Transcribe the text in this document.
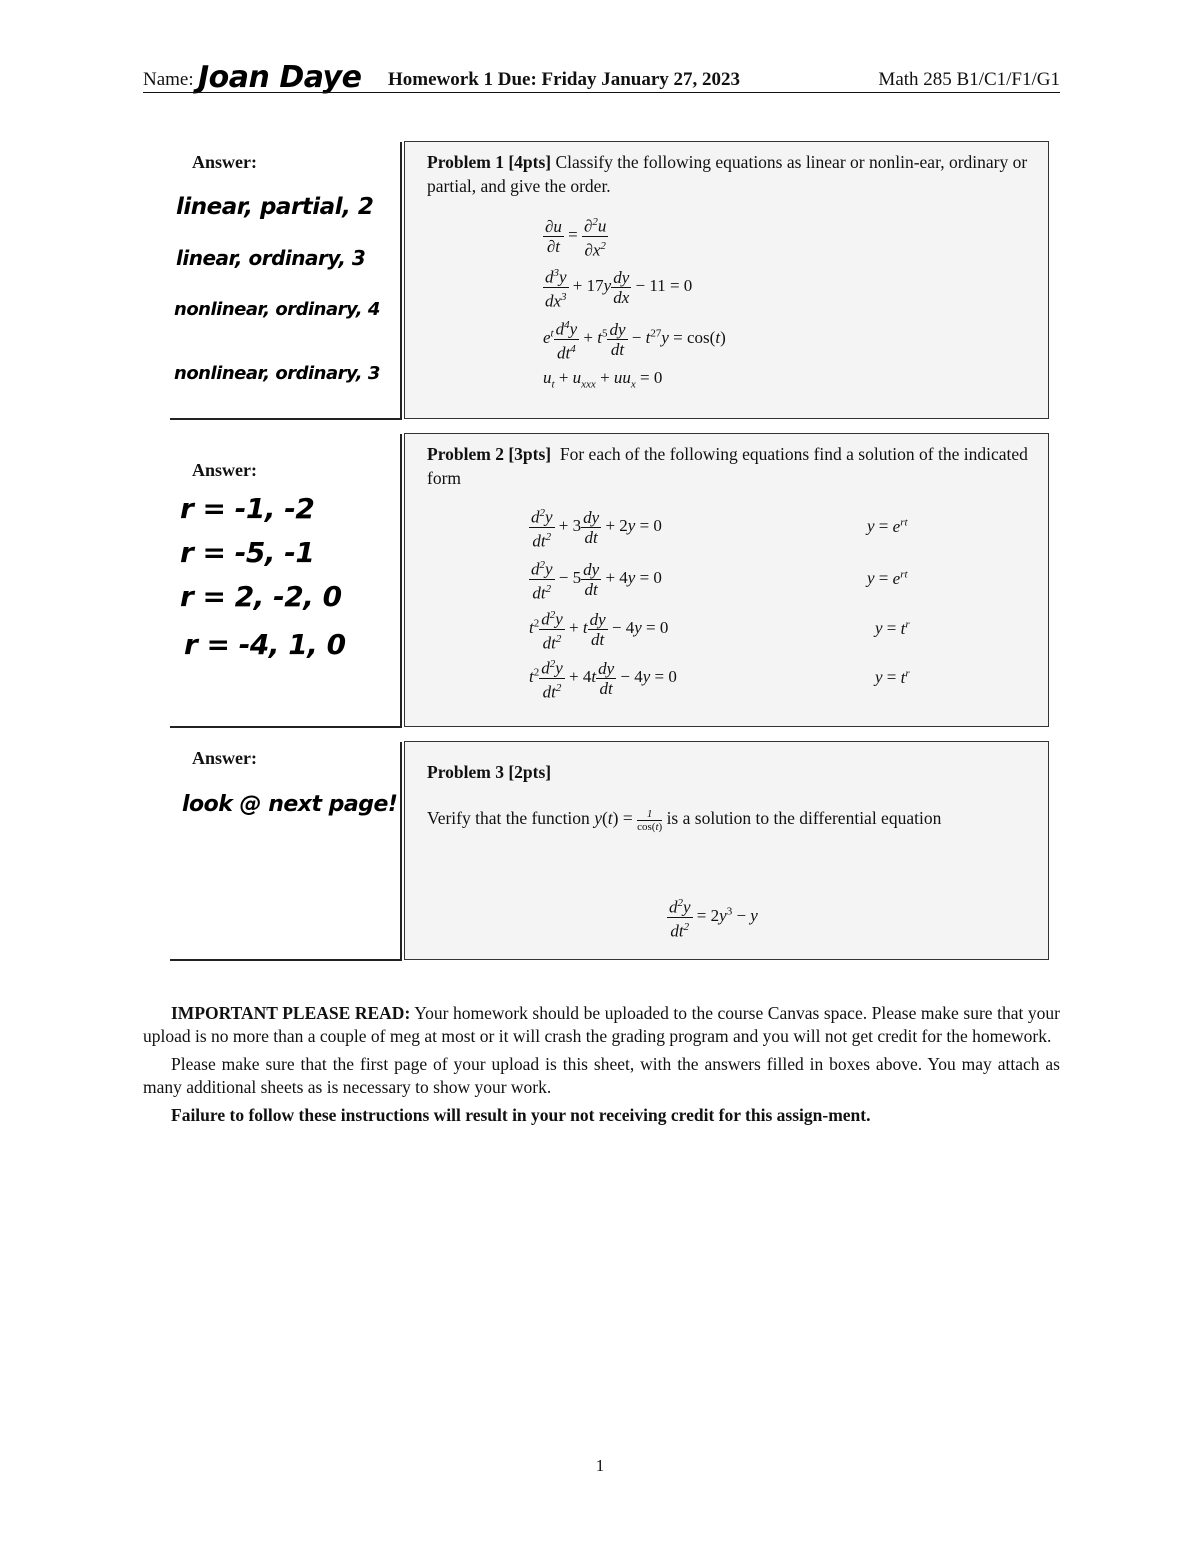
Name: Joan Daye Homework 1 Due: Friday January 27, 2023	Math 285 B1/C1/F1/G1
Answer:
linear, partial, 2
linear, ordinary, 3
nonlinear, ordinary, 4
nonlinear, ordinary, 3
Problem 1 [4pts] Classify the following equations as linear or nonlin-ear, ordinary or partial, and give the order.
$\frac{\partial u}{\partial t} = \frac{\partial^2u}{\partial x^2}$
$\frac{d^3y}{dx^3} + 17y \frac{dy}{dx} - 11 = 0$
$e^t \frac{d^4y}{dt^4} + t^5 \frac{dy}{dt} - t^{27}y = \cos(t)$
$u_t + u_{xxx} + uu_x = 0$
Answer:
r = -1, -2
r = -5, -1
r = 2, -2, 0
r = -4, 1, 0
Problem 2 [3pts] For each of the following equations find a solution of the indicated form
$\frac{d^2y}{dt^2} + 3 \frac{dy}{dt} + 2y = 0$	$y = e^{rt}$
$\frac{d^2y}{dt^2} - 5 \frac{dy}{dt} + 4y = 0$	$y = e^{rt}$
$t^2 \frac{d^2y}{dt^2} + t \frac{dy}{dt} - 4y = 0$	$y = t^r$
$t^2 \frac{d^2y}{dt^2} + 4t \frac{dy}{dt} - 4y = 0$	$y = t^r$
Answer:
look @ next page!
Problem 3 [2pts]
Verify that the function $y(t) = \frac{1}{\cos(t)}$ is a solution to the differential equation
$\frac{d^2y}{dt^2} = 2y^3 - y$

IMPORTANT PLEASE READ: Your homework should be uploaded to the course Canvas space. Please make sure that your upload is no more than a couple of meg at most or it will crash the grading program and you will not get credit for the homework.

Please make sure that the first page of your upload is this sheet, with the answers filled in boxes above. You may attach as many additional sheets as is necessary to show your work.

Failure to follow these instructions will result in your not receiving credit for this assign-ment.

1
